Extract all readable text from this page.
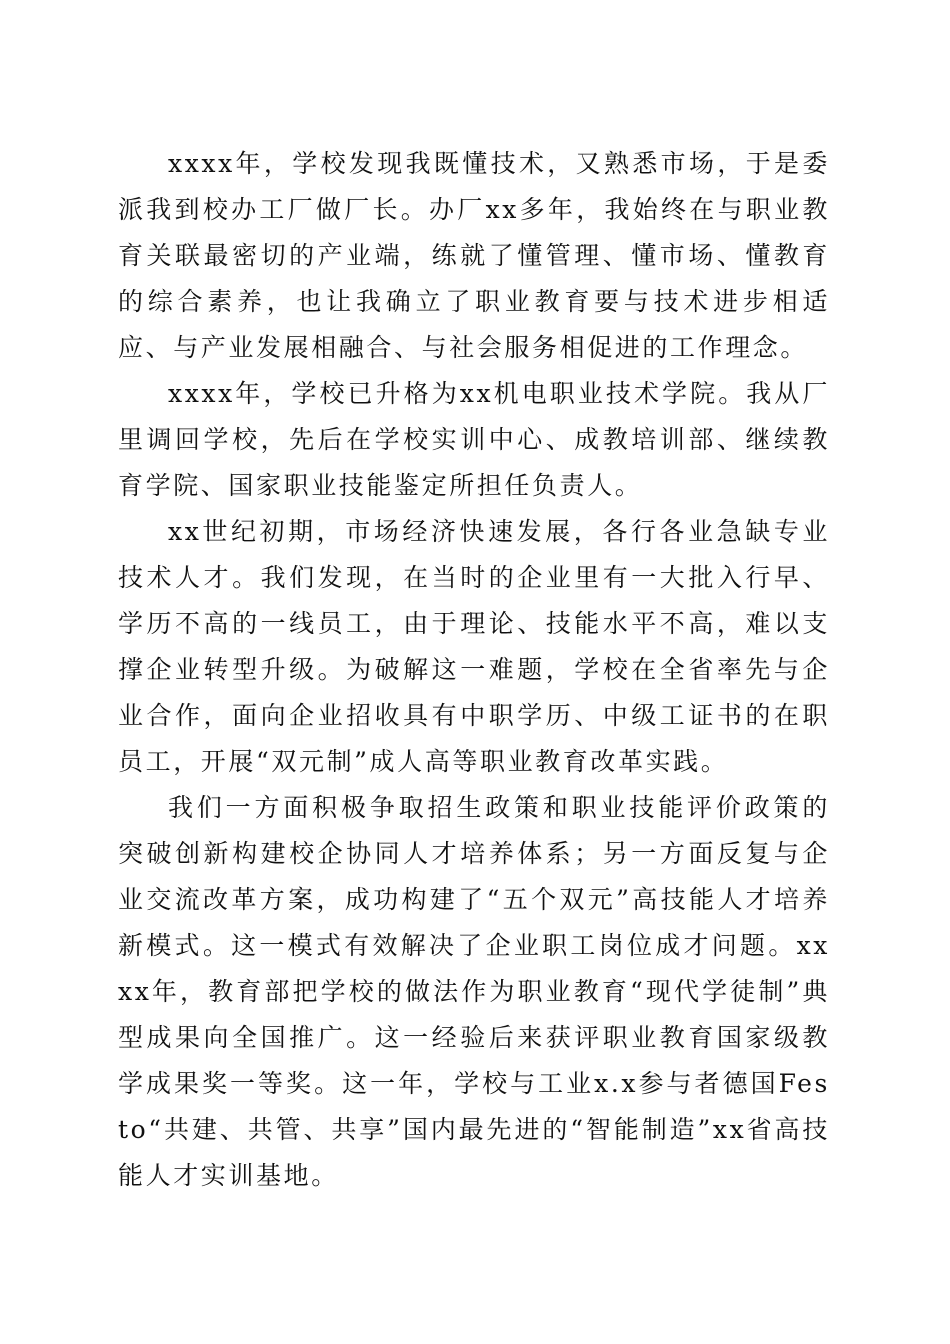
xxxx年，学校发现我既懂技术，又熟悉市场，于是委派我到校办工厂做厂长。办厂xx多年，我始终在与职业教育关联最密切的产业端，练就了懂管理、懂市场、懂教育的综合素养，也让我确立了职业教育要与技术进步相适应、与产业发展相融合、与社会服务相促进的工作理念。

xxxx年，学校已升格为xx机电职业技术学院。我从厂里调回学校，先后在学校实训中心、成教培训部、继续教育学院、国家职业技能鉴定所担任负责人。

xx世纪初期，市场经济快速发展，各行各业急缺专业技术人才。我们发现，在当时的企业里有一大批入行早、学历不高的一线员工，由于理论、技能水平不高，难以支撑企业转型升级。为破解这一难题，学校在全省率先与企业合作，面向企业招收具有中职学历、中级工证书的在职员工，开展“双元制”成人高等职业教育改革实践。

我们一方面积极争取招生政策和职业技能评价政策的突破创新构建校企协同人才培养体系；另一方面反复与企业交流改革方案，成功构建了“五个双元”高技能人才培养新模式。这一模式有效解决了企业职工岗位成才问题。xxxx年，教育部把学校的做法作为职业教育“现代学徒制”典型成果向全国推广。这一经验后来获评职业教育国家级教学成果奖一等奖。这一年，学校与工业x.x参与者德国Festo“共建、共管、共享”国内最先进的“智能制造”xx省高技能人才实训基地。
